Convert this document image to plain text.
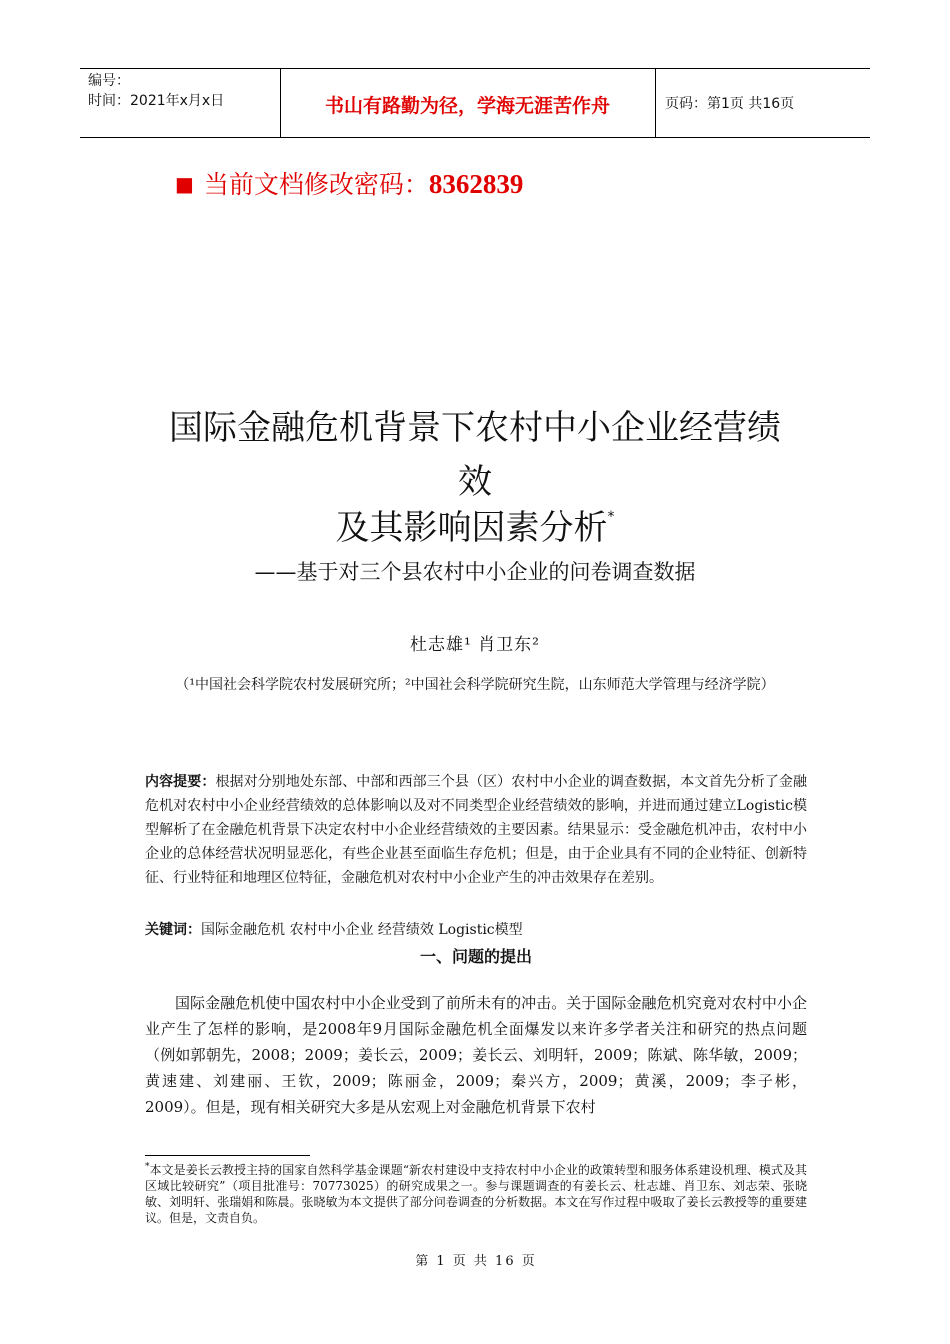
编号：
时间：2021年x月x日	书山有路勤为径，学海无涯苦作舟	页码：第1页 共16页
■ 当前文档修改密码：8362839
国际金融危机背景下农村中小企业经营绩
效
及其影响因素分析*
——基于对三个县农村中小企业的问卷调查数据
杜志雄¹ 肖卫东²
（¹中国社会科学院农村发展研究所；²中国社会科学院研究生院，山东师范大学管理与经济学院）
内容提要：根据对分别地处东部、中部和西部三个县（区）农村中小企业的调查数据，本文首先分析了金融危机对农村中小企业经营绩效的总体影响以及对不同类型企业经营绩效的影响，并进而通过建立Logistic模型解析了在金融危机背景下决定农村中小企业经营绩效的主要因素。结果显示：受金融危机冲击，农村中小企业的总体经营状况明显恶化，有些企业甚至面临生存危机；但是，由于企业具有不同的企业特征、创新特征、行业特征和地理区位特征，金融危机对农村中小企业产生的冲击效果存在差别。
关键词：国际金融危机 农村中小企业 经营绩效 Logistic模型
一、问题的提出
国际金融危机使中国农村中小企业受到了前所未有的冲击。关于国际金融危机究竟对农村中小企业产生了怎样的影响，是2008年9月国际金融危机全面爆发以来许多学者关注和研究的热点问题（例如郭朝先，2008；2009；姜长云，2009；姜长云、刘明轩，2009；陈斌、陈华敏，2009；黄速建、刘建丽、王钦，2009；陈丽金，2009；秦兴方，2009；黄溪，2009；李子彬，2009）。但是，现有相关研究大多是从宏观上对金融危机背景下农村
*本文是姜长云教授主持的国家自然科学基金课题“新农村建设中支持农村中小企业的政策转型和服务体系建设机理、模式及其区域比较研究”（项目批准号：70773025）的研究成果之一。参与课题调查的有姜长云、杜志雄、肖卫东、刘志荣、张晓敏、刘明轩、张瑞娟和陈晨。张晓敏为本文提供了部分问卷调查的分析数据。本文在写作过程中吸取了姜长云教授等的重要建议。但是，文责自负。
第 1 页 共 16 页
